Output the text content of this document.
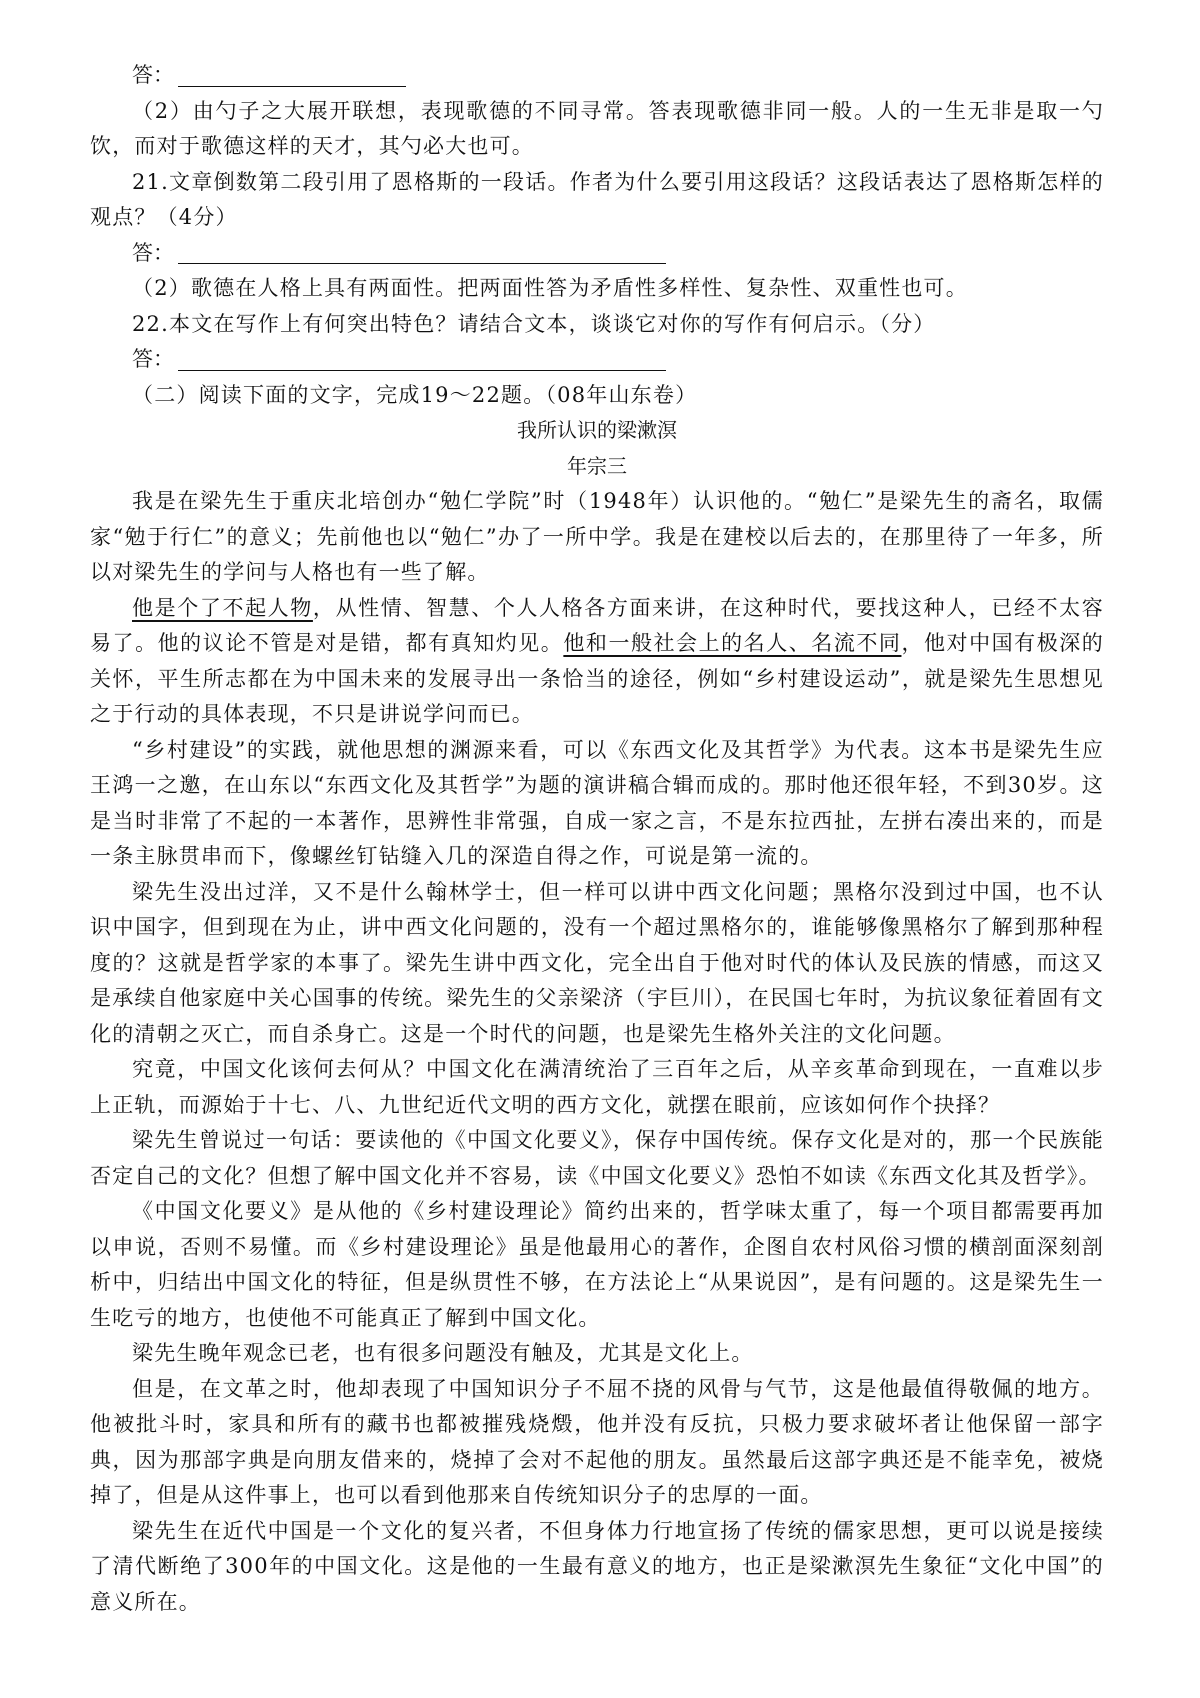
答：

（2）由勺子之大展开联想，表现歌德的不同寻常。答表现歌德非同一般。人的一生无非是取一勺饮，而对于歌德这样的天才，其勺必大也可。

21.文章倒数第二段引用了恩格斯的一段话。作者为什么要引用这段话？这段话表达了恩格斯怎样的观点？（4分）

答：

（2）歌德在人格上具有两面性。把两面性答为矛盾性多样性、复杂性、双重性也可。

22.本文在写作上有何突出特色？请结合文本，谈谈它对你的写作有何启示。（分）

答：

（二）阅读下面的文字，完成19～22题。（08年山东卷）

我所认识的梁漱溟

年宗三

我是在梁先生于重庆北培创办“勉仁学院”时（1948年）认识他的。“勉仁”是梁先生的斋名，取儒家“勉于行仁”的意义；先前他也以“勉仁”办了一所中学。我是在建校以后去的，在那里待了一年多，所以对梁先生的学问与人格也有一些了解。

他是个了不起人物，从性情、智慧、个人人格各方面来讲，在这种时代，要找这种人，已经不太容易了。他的议论不管是对是错，都有真知灼见。他和一般社会上的名人、名流不同，他对中国有极深的关怀，平生所志都在为中国未来的发展寻出一条恰当的途径，例如“乡村建设运动”，就是梁先生思想见之于行动的具体表现，不只是讲说学问而已。

“乡村建设”的实践，就他思想的渊源来看，可以《东西文化及其哲学》为代表。这本书是梁先生应王鸿一之邀，在山东以“东西文化及其哲学”为题的演讲稿合辑而成的。那时他还很年轻，不到30岁。这是当时非常了不起的一本著作，思辨性非常强，自成一家之言，不是东拉西扯，左拼右凑出来的，而是一条主脉贯串而下，像螺丝钉钻缝入几的深造自得之作，可说是第一流的。

梁先生没出过洋，又不是什么翰林学士，但一样可以讲中西文化问题；黑格尔没到过中国，也不认识中国字，但到现在为止，讲中西文化问题的，没有一个超过黑格尔的，谁能够像黑格尔了解到那种程度的？这就是哲学家的本事了。梁先生讲中西文化，完全出自于他对时代的体认及民族的情感，而这又是承续自他家庭中关心国事的传统。梁先生的父亲梁济（宇巨川），在民国七年时，为抗议象征着固有文化的清朝之灭亡，而自杀身亡。这是一个时代的问题，也是梁先生格外关注的文化问题。

究竟，中国文化该何去何从？中国文化在满清统治了三百年之后，从辛亥革命到现在，一直难以步上正轨，而源始于十七、八、九世纪近代文明的西方文化，就摆在眼前，应该如何作个抉择？

梁先生曾说过一句话：要读他的《中国文化要义》，保存中国传统。保存文化是对的，那一个民族能否定自己的文化？但想了解中国文化并不容易，读《中国文化要义》恐怕不如读《东西文化其及哲学》。

《中国文化要义》是从他的《乡村建设理论》简约出来的，哲学味太重了，每一个项目都需要再加以申说，否则不易懂。而《乡村建设理论》虽是他最用心的著作，企图自农村风俗习惯的横剖面深刻剖析中，归结出中国文化的特征，但是纵贯性不够，在方法论上“从果说因”，是有问题的。这是梁先生一生吃亏的地方，也使他不可能真正了解到中国文化。

梁先生晚年观念已老，也有很多问题没有触及，尤其是文化上。

但是，在文革之时，他却表现了中国知识分子不屈不挠的风骨与气节，这是他最值得敬佩的地方。他被批斗时，家具和所有的藏书也都被摧残烧燬，他并没有反抗，只极力要求破坏者让他保留一部字典，因为那部字典是向朋友借来的，烧掉了会对不起他的朋友。虽然最后这部字典还是不能幸免，被烧掉了，但是从这件事上，也可以看到他那来自传统知识分子的忠厚的一面。

梁先生在近代中国是一个文化的复兴者，不但身体力行地宣扬了传统的儒家思想，更可以说是接续了清代断绝了300年的中国文化。这是他的一生最有意义的地方，也正是梁漱溟先生象征“文化中国”的意义所在。
